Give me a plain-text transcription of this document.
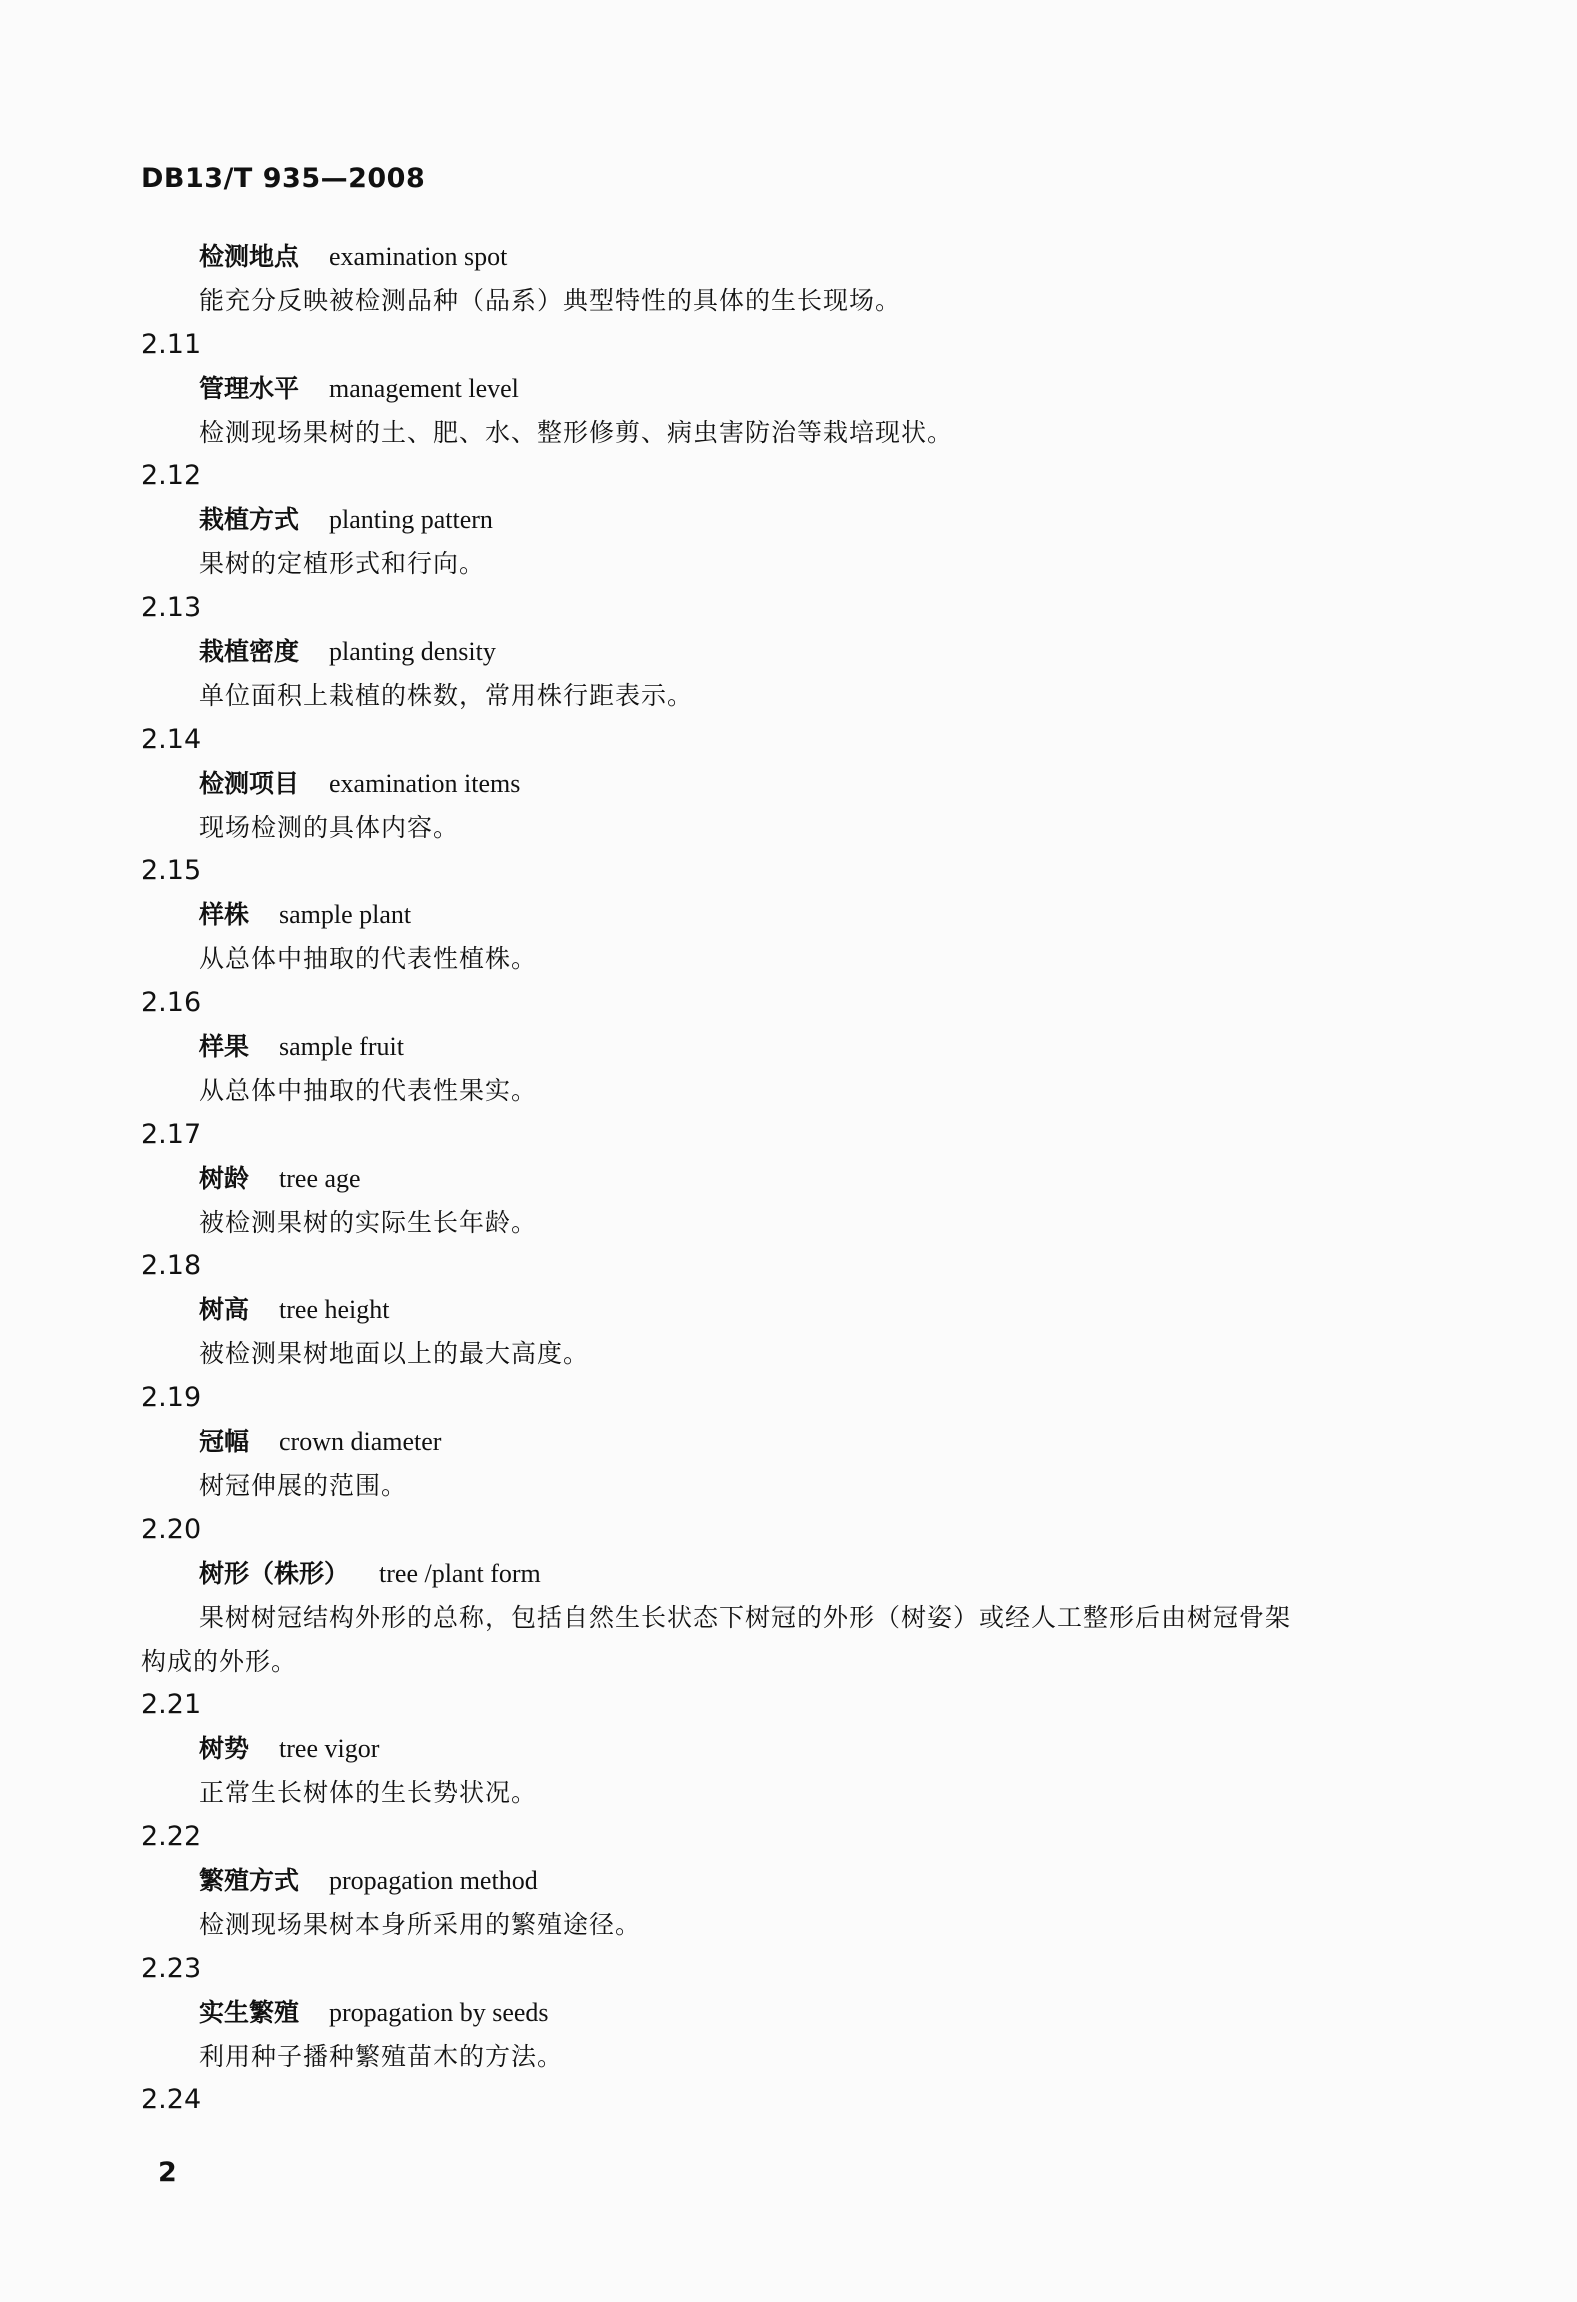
DB13/T 935—2008
检测地点 examination spot
能充分反映被检测品种（品系）典型特性的具体的生长现场。
2.11
管理水平 management level
检测现场果树的土、肥、水、整形修剪、病虫害防治等栽培现状。
2.12
栽植方式 planting pattern
果树的定植形式和行向。
2.13
栽植密度 planting density
单位面积上栽植的株数，常用株行距表示。
2.14
检测项目 examination items
现场检测的具体内容。
2.15
样株 sample plant
从总体中抽取的代表性植株。
2.16
样果 sample fruit
从总体中抽取的代表性果实。
2.17
树龄 tree age
被检测果树的实际生长年龄。
2.18
树高 tree height
被检测果树地面以上的最大高度。
2.19
冠幅 crown diameter
树冠伸展的范围。
2.20
树形（株形） tree /plant form
果树树冠结构外形的总称，包括自然生长状态下树冠的外形（树姿）或经人工整形后由树冠骨架
构成的外形。
2.21
树势 tree vigor
正常生长树体的生长势状况。
2.22
繁殖方式 propagation method
检测现场果树本身所采用的繁殖途径。
2.23
实生繁殖 propagation by seeds
利用种子播种繁殖苗木的方法。
2.24
2
